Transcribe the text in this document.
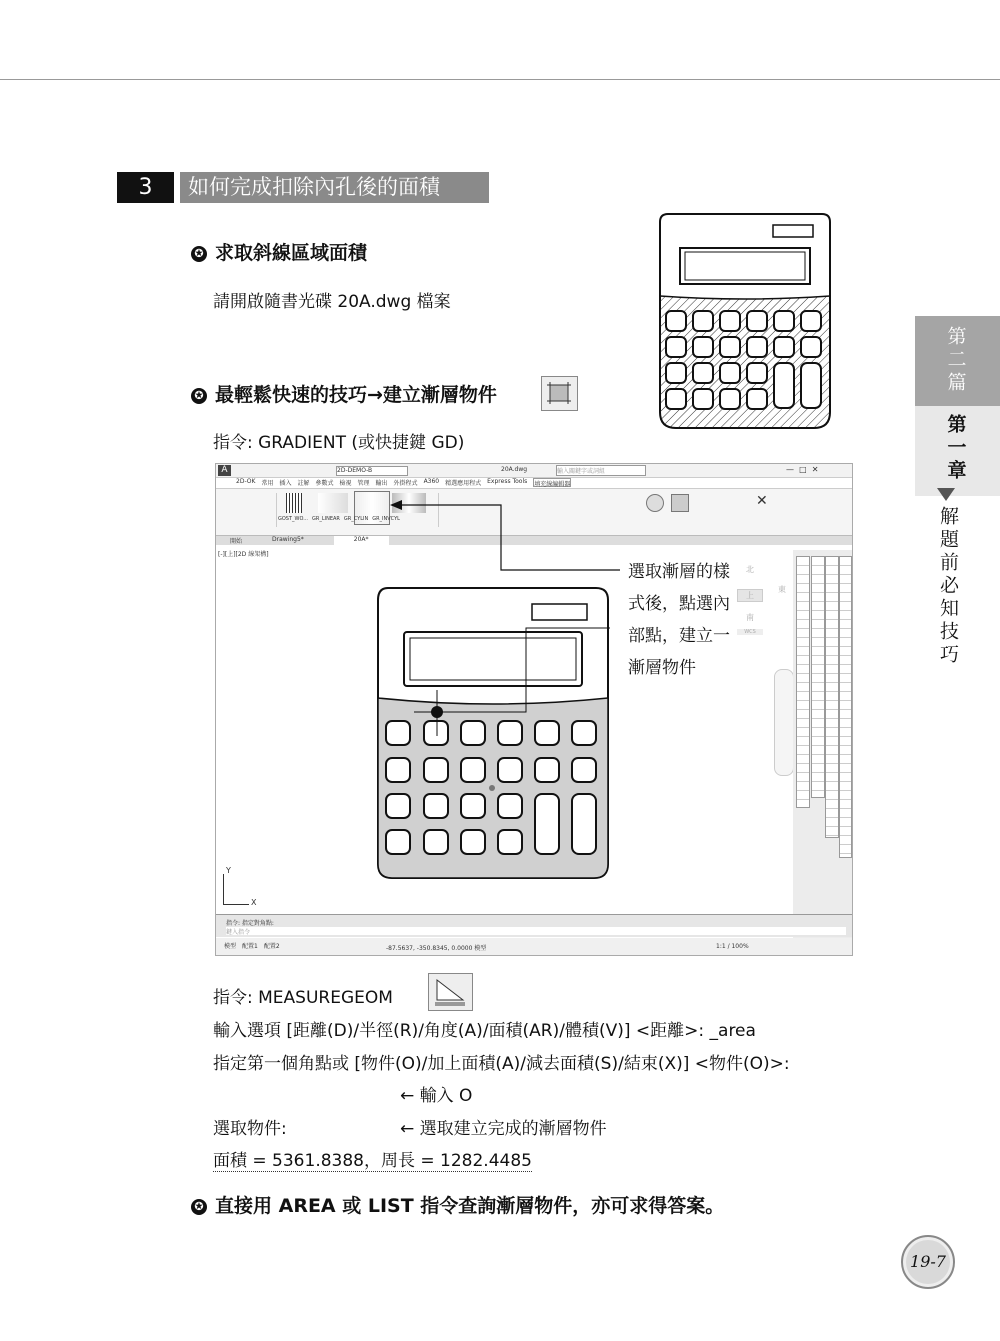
3	如何完成扣除內孔後的面積
✪ 求取斜線區域面積
請開啟隨書光碟 20A.dwg 檔案
✪ 最輕鬆快速的技巧→建立漸層物件
指令: GRADIENT (或快捷鍵 GD)
A	2D-DEMO-B	20A.dwg	輸入關鍵字或詞組	—  □  ✕
2D-OK 常用 插入 註解 參數式 檢視 管理 輸出 外掛程式 A360 精選應用程式 Express Tools 填充線編輯器
GOST_WO... GR_LINEAR GR_CYLIN GR_INVCYL
✕
開始	Drawing5*	20A*
[-][上][2D 線架構]
北
上
南
WCS
東
Y
X
指令: 指定對角點:
鍵入指令
模型 配置1 配置2	-87.5637, -350.8345, 0.0000 模型	1:1 / 100%
選取漸層的樣
式後，點選內
部點，建立一
漸層物件
指令: MEASUREGEOM
輸入選項 [距離(D)/半徑(R)/角度(A)/面積(AR)/體積(V)] <距離>: _area
指定第一個角點或 [物件(O)/加上面積(A)/減去面積(S)/結束(X)] <物件(O)>:
← 輸入 O
選取物件:	← 選取建立完成的漸層物件
面積 = 5361.8388，周長 = 1282.4485
✪ 直接用 AREA 或 LIST 指令查詢漸層物件，亦可求得答案。
第二篇
第一章
解題前必知技巧
19-7
